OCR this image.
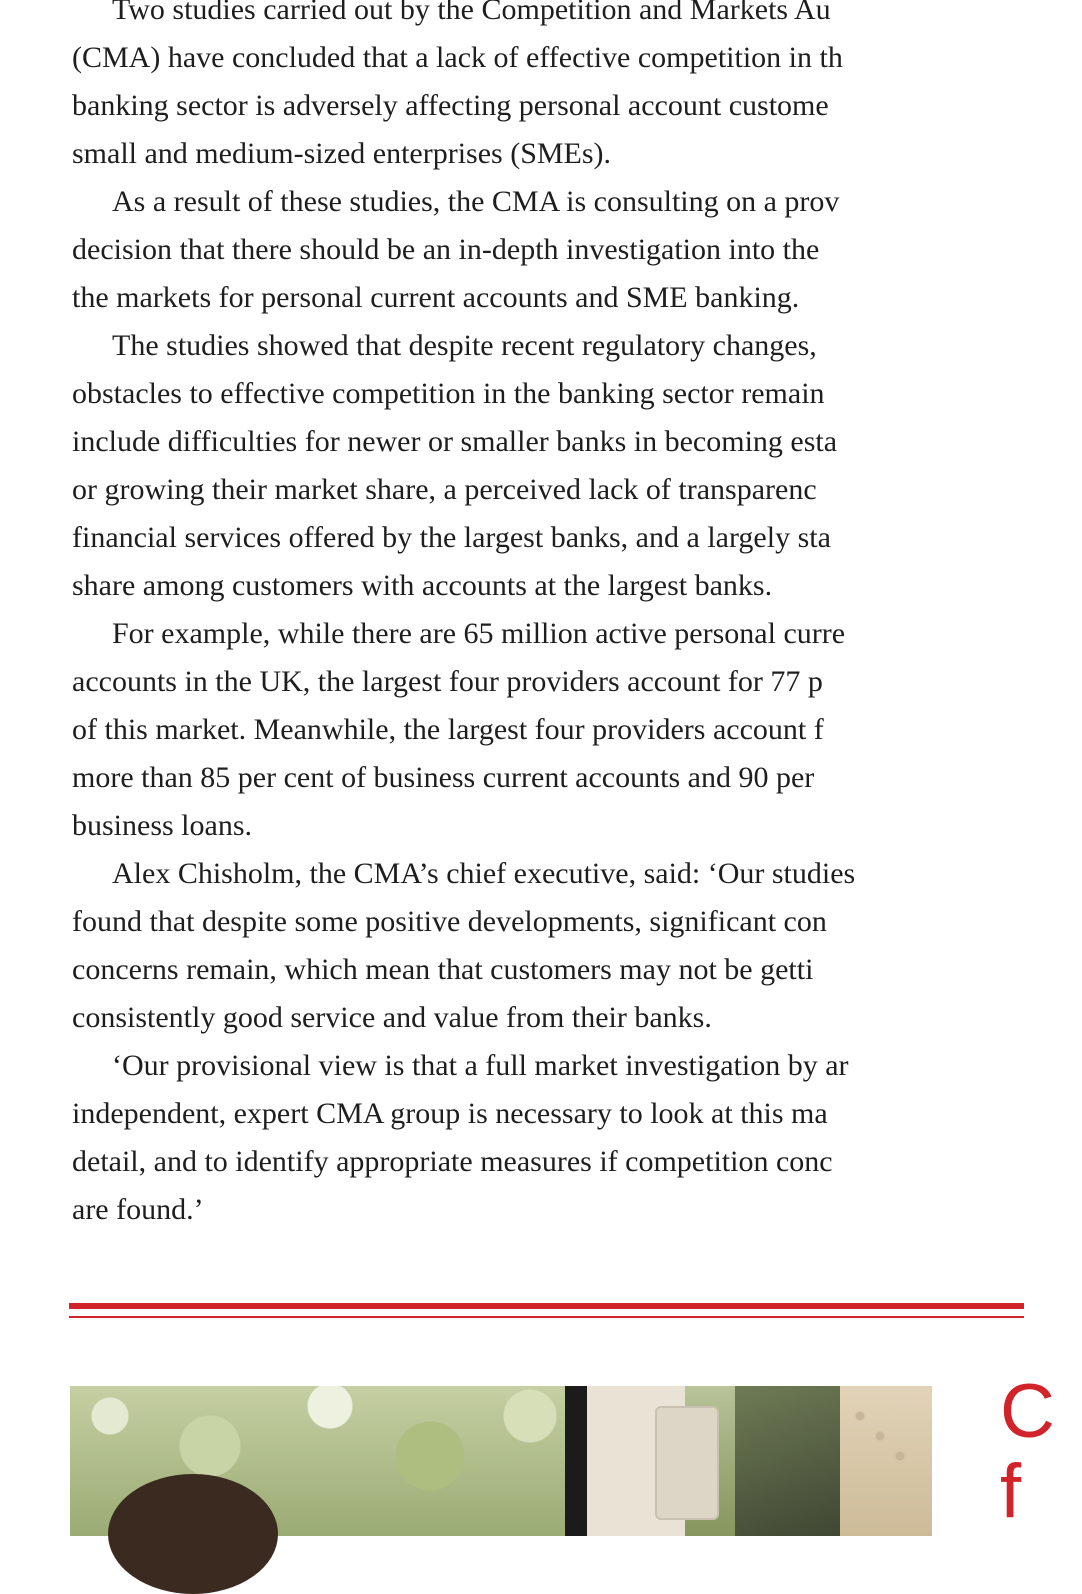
Two studies carried out by the Competition and Markets Au
(CMA) have concluded that a lack of effective competition in th
banking sector is adversely affecting personal account custome
small and medium-sized enterprises (SMEs).
As a result of these studies, the CMA is consulting on a prov
decision that there should be an in-depth investigation into the
the markets for personal current accounts and SME banking.
The studies showed that despite recent regulatory changes,
obstacles to effective competition in the banking sector remain
include difficulties for newer or smaller banks in becoming esta
or growing their market share, a perceived lack of transparenc
financial services offered by the largest banks, and a largely sta
share among customers with accounts at the largest banks.
For example, while there are 65 million active personal curre
accounts in the UK, the largest four providers account for 77 p
of this market. Meanwhile, the largest four providers account f
more than 85 per cent of business current accounts and 90 per
business loans.
Alex Chisholm, the CMA’s chief executive, said: ‘Our studies
found that despite some positive developments, significant con
concerns remain, which mean that customers may not be getti
consistently good service and value from their banks.
‘Our provisional view is that a full market investigation by ar
independent, expert CMA group is necessary to look at this ma
detail, and to identify appropriate measures if competition conc
are found.’
C
f
